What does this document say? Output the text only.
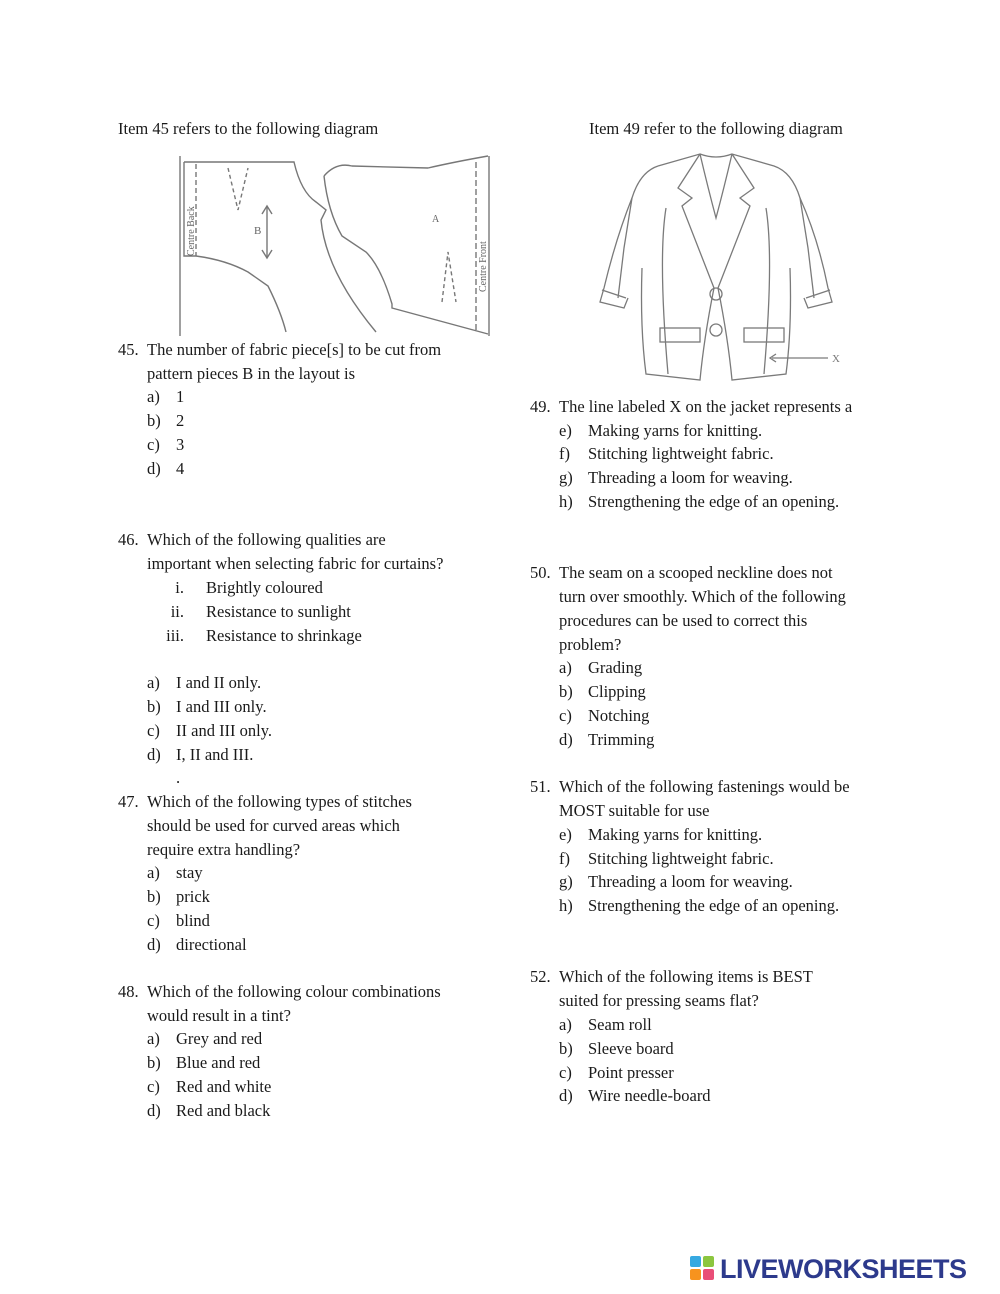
Item 45 refers to the following diagram
Centre Back
Centre Front
B
A
45. The number of fabric piece[s] to be cut from
pattern pieces B in the layout is
a) 1
b) 2
c) 3
d) 4
46. Which of the following qualities are
important when selecting fabric for curtains?
i. Brightly coloured
ii. Resistance to sunlight
iii. Resistance to shrinkage
a) I and II only.
b) I and III only.
c) II and III only.
d) I, II and III.
.
47. Which of the following types of stitches
should be used for curved areas which
require extra handling?
a) stay
b) prick
c) blind
d) directional
48. Which of the following colour combinations
would result in a tint?
a) Grey and red
b) Blue and red
c) Red and white
d) Red and black
Item 49 refer to the following diagram
X
49. The line labeled X on the jacket represents a
e) Making yarns for knitting.
f) Stitching lightweight fabric.
g) Threading a loom for weaving.
h) Strengthening the edge of an opening.
50. The seam on a scooped neckline does not
turn over smoothly. Which of the following
procedures can be used to correct this
problem?
a) Grading
b) Clipping
c) Notching
d) Trimming
51. Which of the following fastenings would be
MOST suitable for use
e) Making yarns for knitting.
f) Stitching lightweight fabric.
g) Threading a loom for weaving.
h) Strengthening the edge of an opening.
52. Which of the following items is BEST
suited for pressing seams flat?
a) Seam roll
b) Sleeve board
c) Point presser
d) Wire needle-board
LIVEWORKSHEETS
